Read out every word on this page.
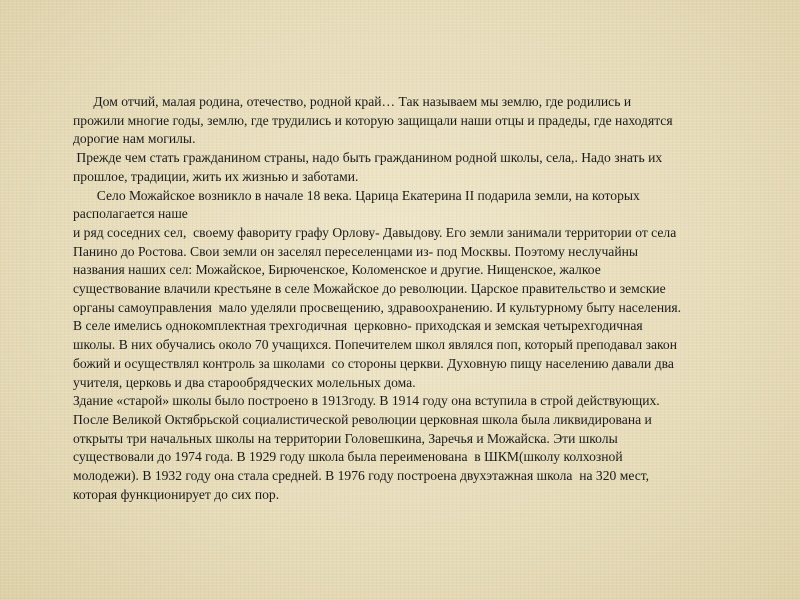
Дом отчий, малая родина, отечество, родной край… Так называем мы землю, где родились и
прожили многие годы, землю, где трудились и которую защищали наши отцы и прадеды, где находятся
дорогие нам могилы.
Прежде чем стать гражданином страны, надо быть гражданином родной школы, села,. Надо знать их
прошлое, традиции, жить их жизнью и заботами.
Село Можайское возникло в начале 18 века. Царица Екатерина II подарила земли, на которых
располагается наше
и ряд соседних сел,  своему фавориту графу Орлову- Давыдову. Его земли занимали территории от села
Панино до Ростова. Свои земли он заселял переселенцами из- под Москвы. Поэтому неслучайны
названия наших сел: Можайское, Бирюченское, Коломенское и другие. Нищенское, жалкое
существование влачили крестьяне в селе Можайское до революции. Царское правительство и земские
органы самоуправления  мало уделяли просвещению, здравоохранению. И культурному быту населения.
В селе имелись однокомплектная трехгодичная  церковно- приходская и земская четырехгодичная
школы. В них обучались около 70 учащихся. Попечителем школ являлся поп, который преподавал закон
божий и осуществлял контроль за школами  со стороны церкви. Духовную пищу населению давали два
учителя, церковь и два старообрядческих молельных дома.
Здание «старой» школы было построено в 1913году. В 1914 году она вступила в строй действующих.
После Великой Октябрьской социалистической революции церковная школа была ликвидирована и
открыты три начальных школы на территории Головешкина, Заречья и Можайска. Эти школы
существовали до 1974 года. В 1929 году школа была переименована  в ШКМ(школу колхозной
молодежи). В 1932 году она стала средней. В 1976 году построена двухэтажная школа  на 320 мест,
которая функционирует до сих пор.
